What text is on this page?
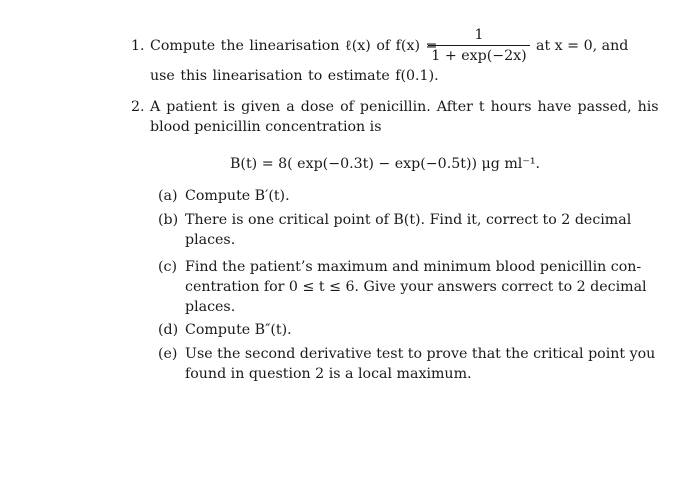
1. Compute the linearisation ℓ(x) of f(x) =
$\frac{1}{1 + \exp(-2x)}$ at x = 0, and
use this linearisation to estimate f(0.1).
2. A patient is given a dose of penicillin. After t hours have passed, his
blood penicillin concentration is
B(t) = 8( exp(−0.3t) − exp(−0.5t)) μg ml⁻¹.
(a) Compute B′(t).
(b) There is one critical point of B(t). Find it, correct to 2 decimal
places.
(c) Find the patient’s maximum and minimum blood penicillin con-
centration for 0 ≤ t ≤ 6. Give your answers correct to 2 decimal
places.
(d) Compute B″(t).
(e) Use the second derivative test to prove that the critical point you
found in question 2 is a local maximum.
